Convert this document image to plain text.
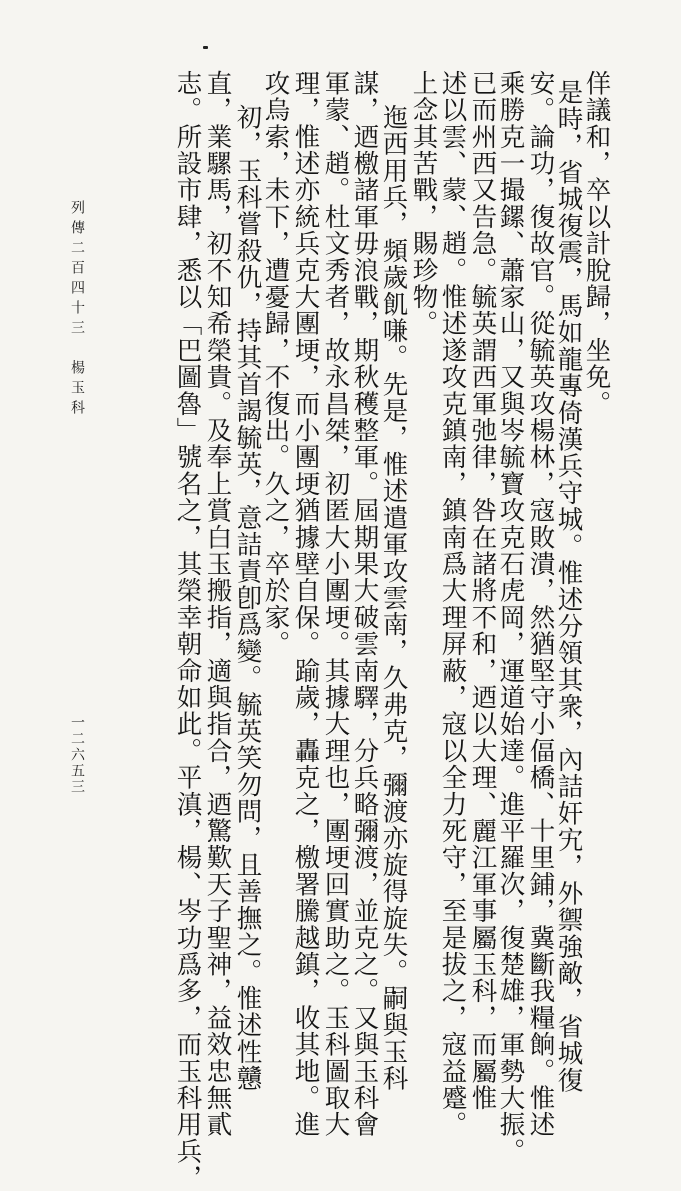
佯議和，卒以計脫歸，坐免。
是時，省城復震，馬如龍專倚漢兵守城。惟述分領其衆，內詰奸宄，外禦強敵，省城復
安。論功，復故官。從毓英攻楊林，寇敗潰，然猶堅守小偪橋、十里鋪，冀斷我糧餉。惟述
乘勝克一撮鏍、蕭家山，又與岑毓寶攻克石虎岡，運道始達。進平羅次，復楚雄，軍勢大振。
已而州西又告急。毓英謂西軍弛律，咎在諸將不和，迺以大理、麗江軍事屬玉科，而屬惟
述以雲、蒙、趙。惟述遂攻克鎮南，鎮南爲大理屏蔽，寇以全力死守，至是拔之，寇益蹙。
上念其苦戰，賜珍物。
迤西用兵，頻歲飢嗛。先是，惟述遣軍攻雲南，久弗克，彌渡亦旋得旋失。嗣與玉科
謀，迺檄諸軍毋浪戰，期秋穫整軍。屆期果大破雲南驛，分兵略彌渡，並克之。又與玉科會
軍蒙、趙。杜文秀者，故永昌桀，初匿大小團埂。其據大理也，團埂回實助之。玉科圖取大
理，惟述亦統兵克大團埂，而小團埂猶據壁自保。踰歲，轟克之，檄署騰越鎮，收其地。進
攻烏索，未下，遭憂歸，不復出。久之，卒於家。
初，玉科嘗殺仇，持其首謁毓英，意詰責卽爲變。毓英笑勿問，且善撫之。惟述性戇
直，業騾馬，初不知希榮貴。及奉上賞白玉搬指，適與指合，迺驚歎天子聖神，益效忠無貳
志。所設市肆，悉以「巴圖魯」號名之，其榮幸朝命如此。平滇，楊、岑功爲多，而玉科用兵，
列傳二百四十三　楊玉科
一二六五三
